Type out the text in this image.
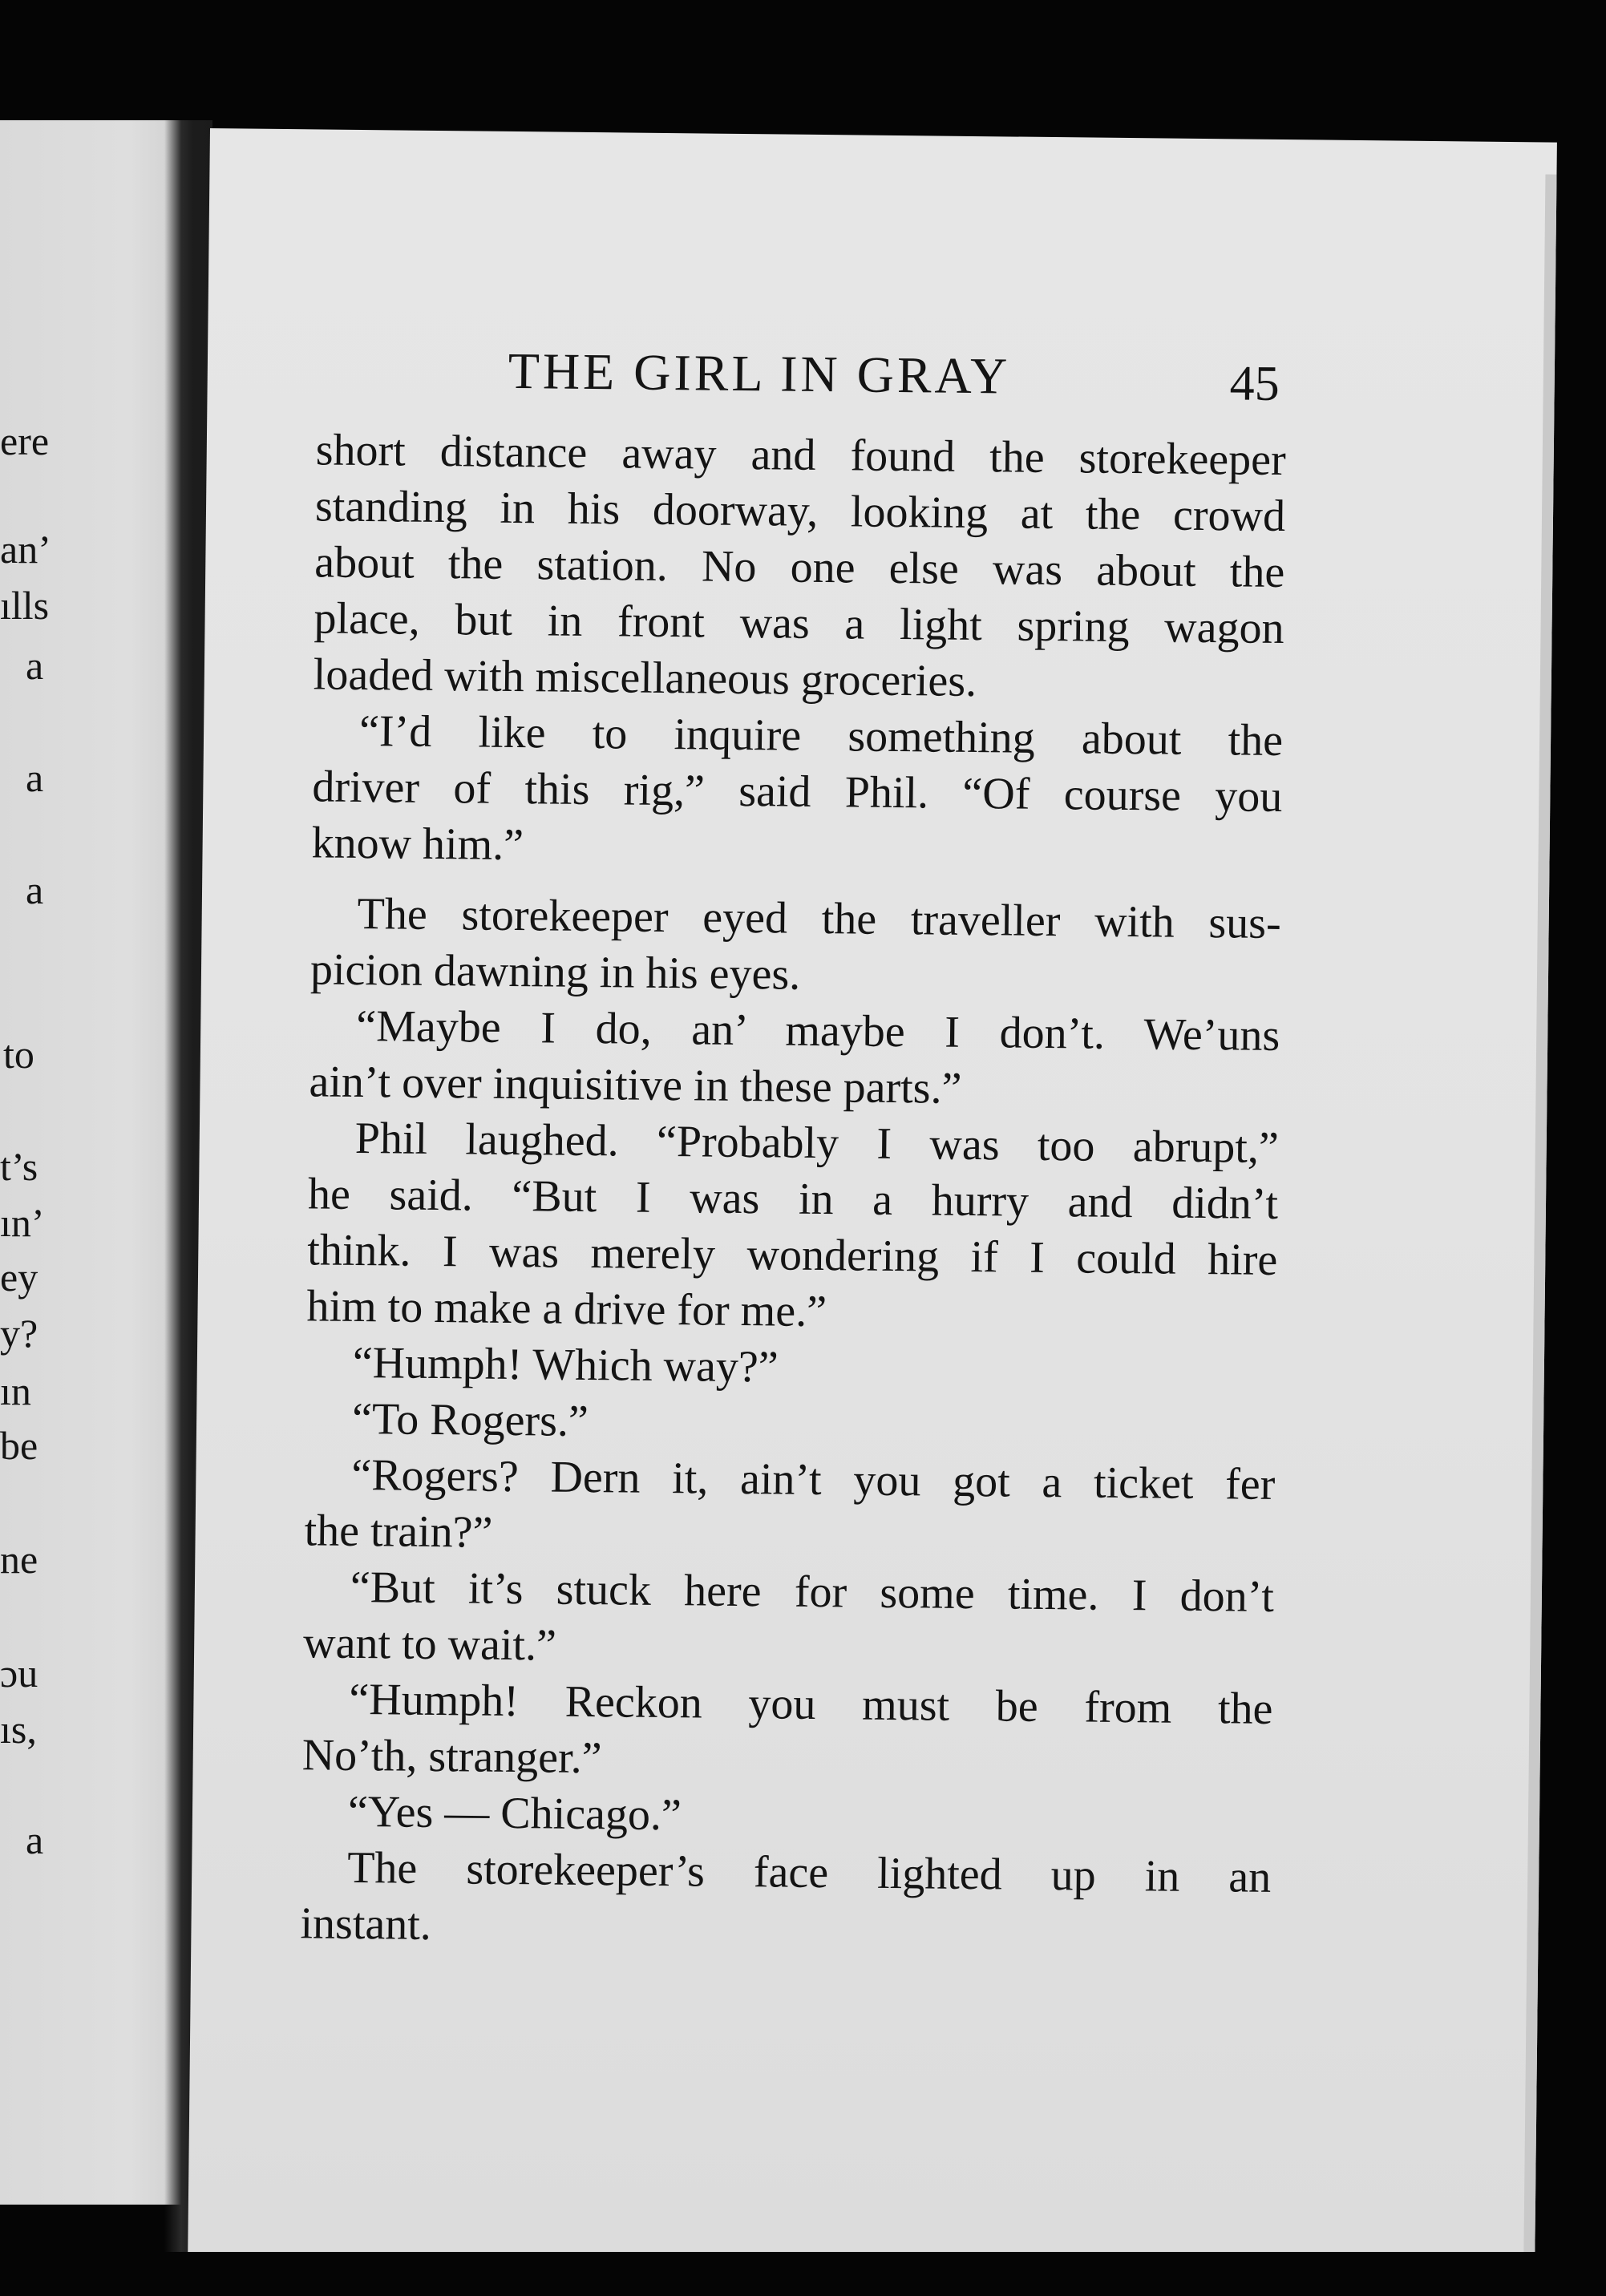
ere
an’
ılls
a
a
a
to
t’s
ın’
ey
y?
ın
be
ne
ɔu
ıs,
a
THE GIRL IN GRAY	45
short distance away and found the storekeeper
standing in his doorway, looking at the crowd
about the station. No one else was about the
place, but in front was a light spring wagon
loaded with miscellaneous groceries.
“I’d like to inquire something about the
driver of this rig,” said Phil. “Of course you
know him.”
The storekeeper eyed the traveller with sus-
picion dawning in his eyes.
“Maybe I do, an’ maybe I don’t. We’uns
ain’t over inquisitive in these parts.”
Phil laughed. “Probably I was too abrupt,”
he said. “But I was in a hurry and didn’t
think. I was merely wondering if I could hire
him to make a drive for me.”
“Humph! Which way?”
“To Rogers.”
“Rogers? Dern it, ain’t you got a ticket fer
the train?”
“But it’s stuck here for some time. I don’t
want to wait.”
“Humph! Reckon you must be from the
No’th, stranger.”
“Yes — Chicago.”
The storekeeper’s face lighted up in an
instant.
